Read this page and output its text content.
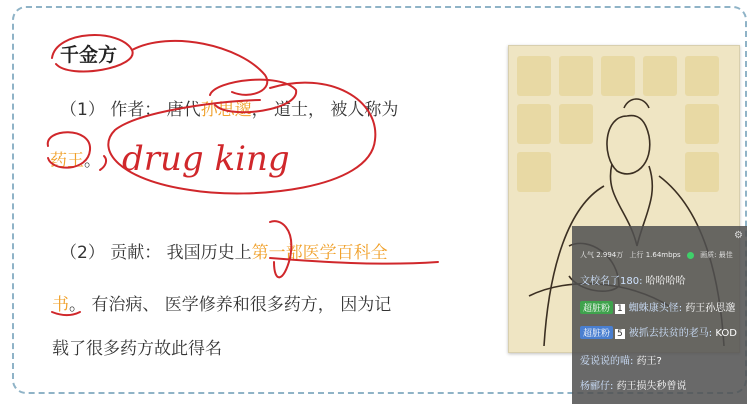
千金方
（1） 作者： 唐代孙思邈， 道士， 被人称为
药王。
（2） 贡献： 我国历史上第一部医学百科全
书。 有治病、 医学修养和很多药方， 因为记
载了很多药方故此得名
drug king
⚙
人气 2.994万 上行 1.64mbps	画质: 最佳
文校名了180: 哈哈哈哈
超脏粉 1 蜘蛛康头怪: 药王孙思邈
超脏粉 5 被抓去扶贫的老马: KOD
爱说说的喵: 药王?
杨郦仔: 药王损失秒曾说
